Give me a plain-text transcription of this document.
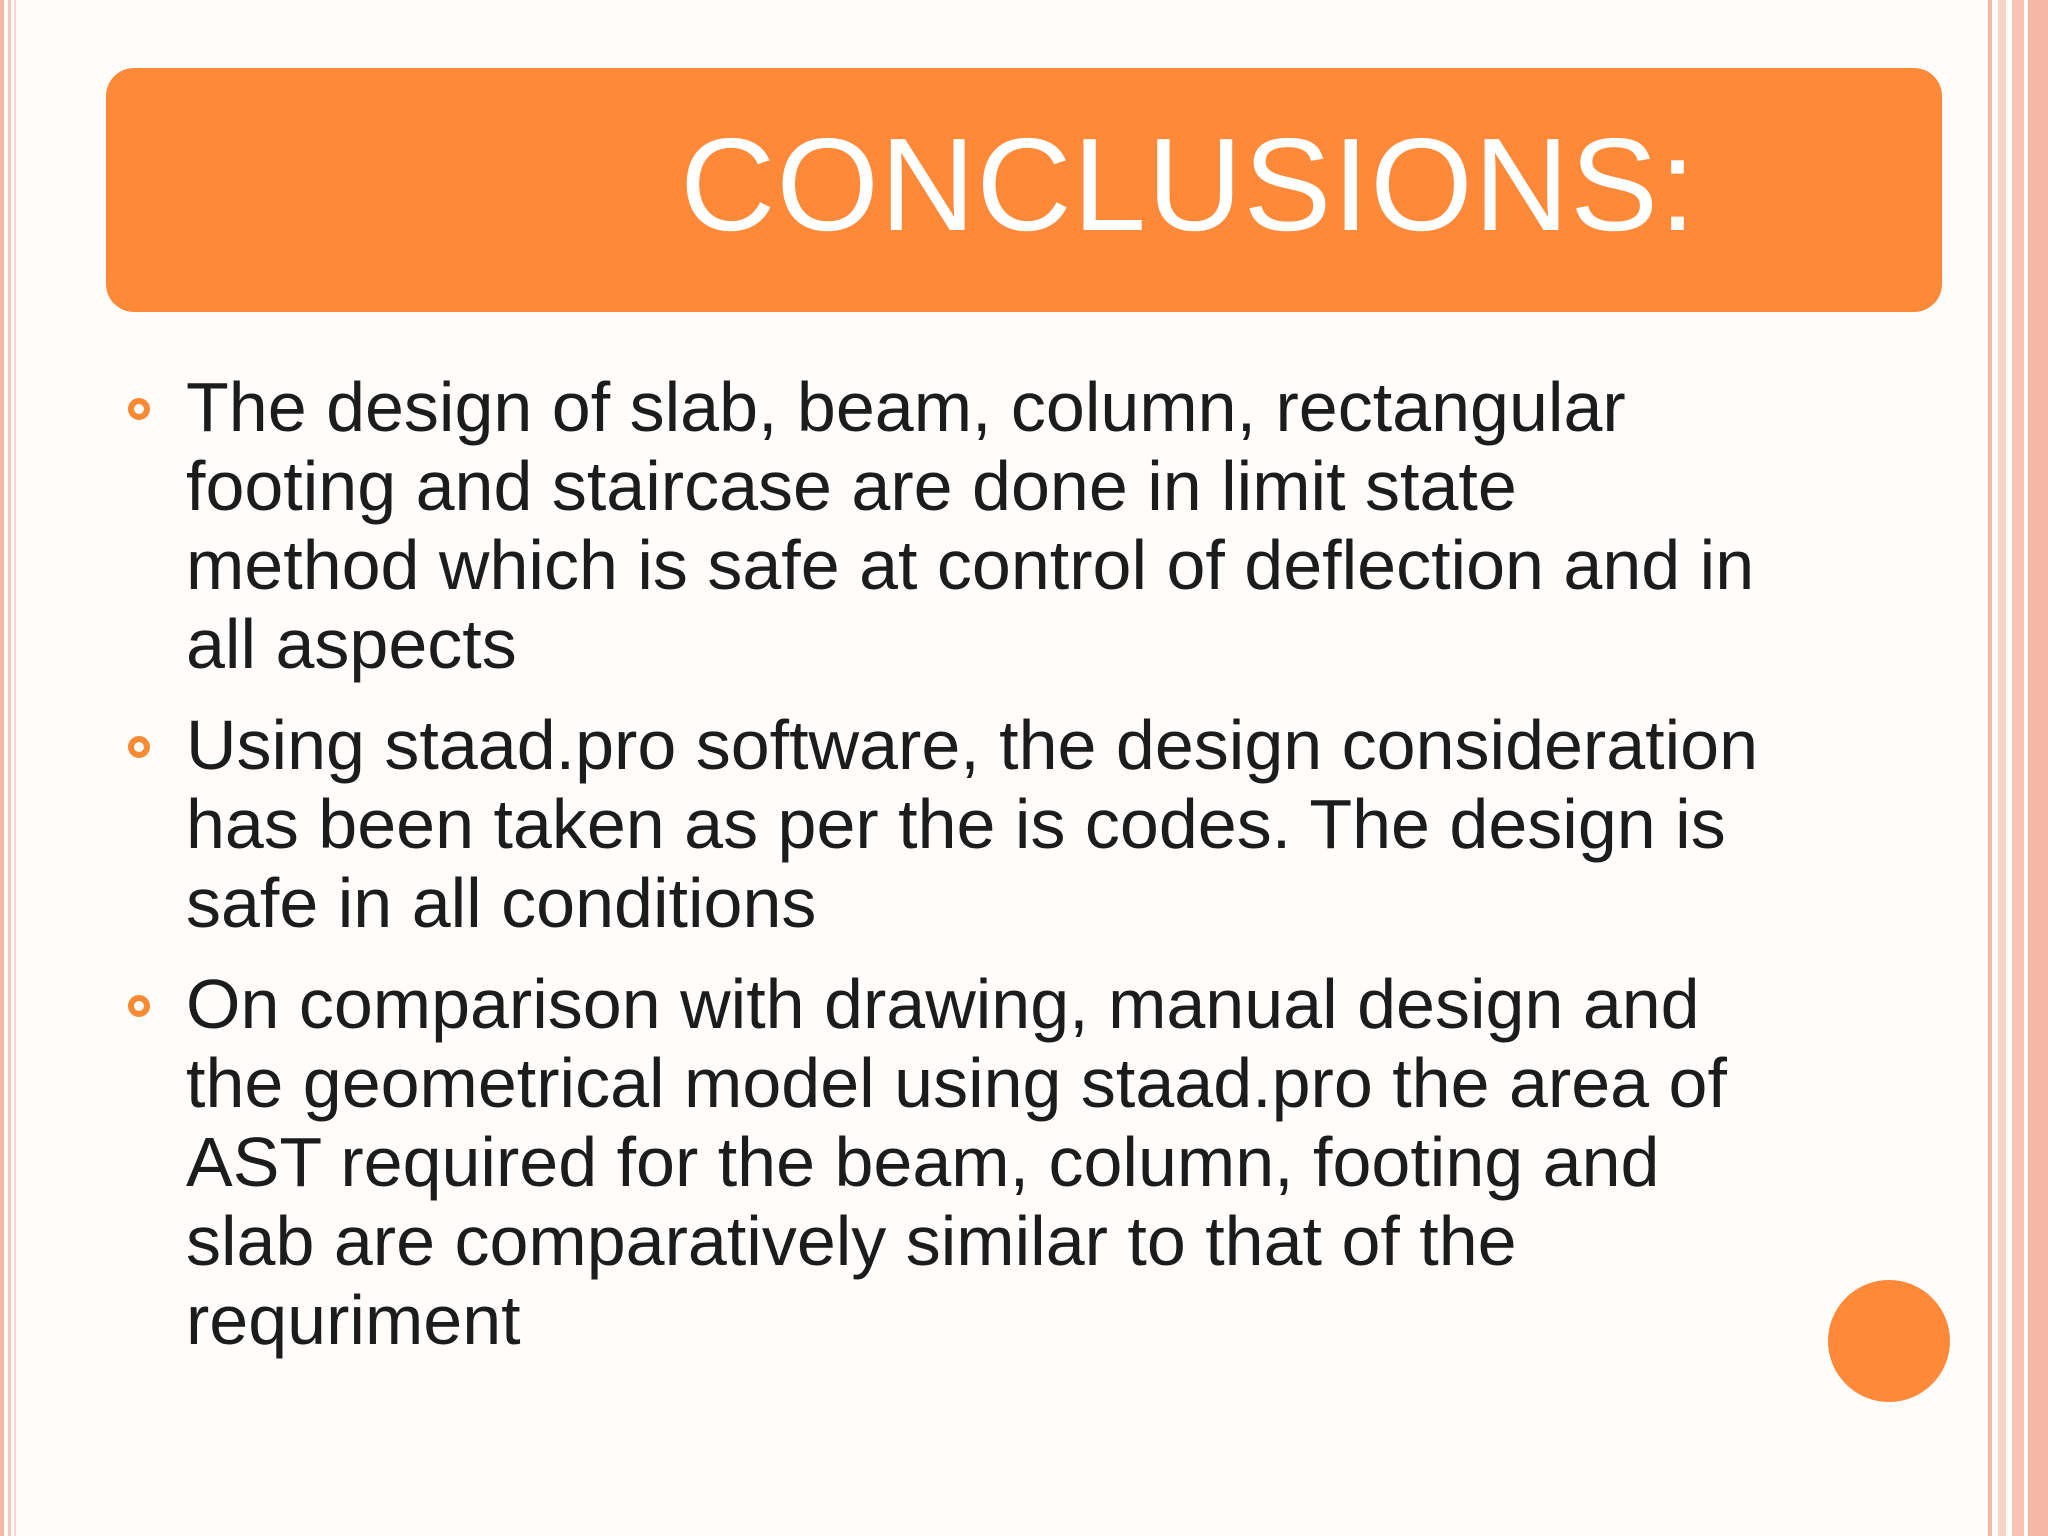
CONCLUSIONS:
The design of slab, beam, column, rectangular footing and staircase are done in limit state method which is safe at control of deflection and in all aspects
Using staad.pro software, the design consideration has been taken as per the is codes. The design is safe in all conditions
On comparison with drawing, manual design and the geometrical model using staad.pro the area of AST required for the beam, column, footing and slab are comparatively similar to that of the requriment
